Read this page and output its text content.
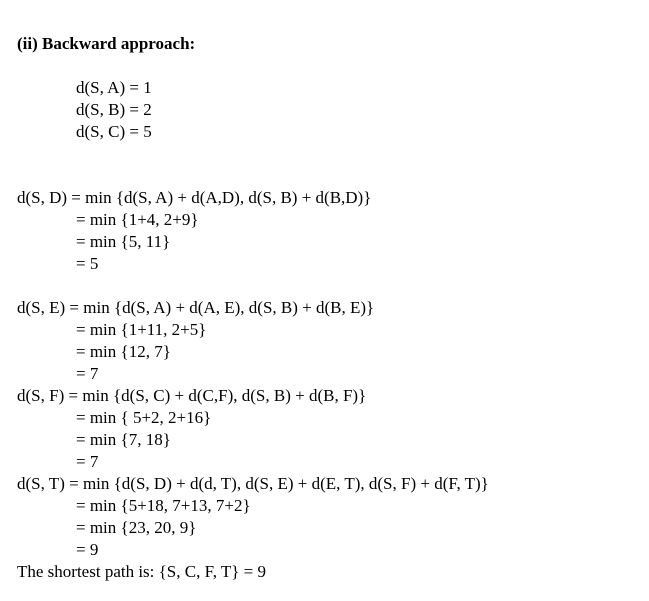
(ii) Backward approach:
d(S, A) = 1
d(S, B) = 2
d(S, C) = 5
d(S, D) = min {d(S, A) + d(A,D), d(S, B) + d(B,D)}
= min {1+4, 2+9}
= min {5, 11}
= 5
d(S, E) = min {d(S, A) + d(A, E), d(S, B) + d(B, E)}
= min {1+11, 2+5}
= min {12, 7}
= 7
d(S, F) = min {d(S, C) + d(C,F), d(S, B) + d(B, F)}
= min { 5+2, 2+16}
= min {7, 18}
= 7
d(S, T) = min {d(S, D) + d(d, T), d(S, E) + d(E, T), d(S, F) + d(F, T)}
= min {5+18, 7+13, 7+2}
= min {23, 20, 9}
= 9
The shortest path is: {S, C, F, T} = 9
